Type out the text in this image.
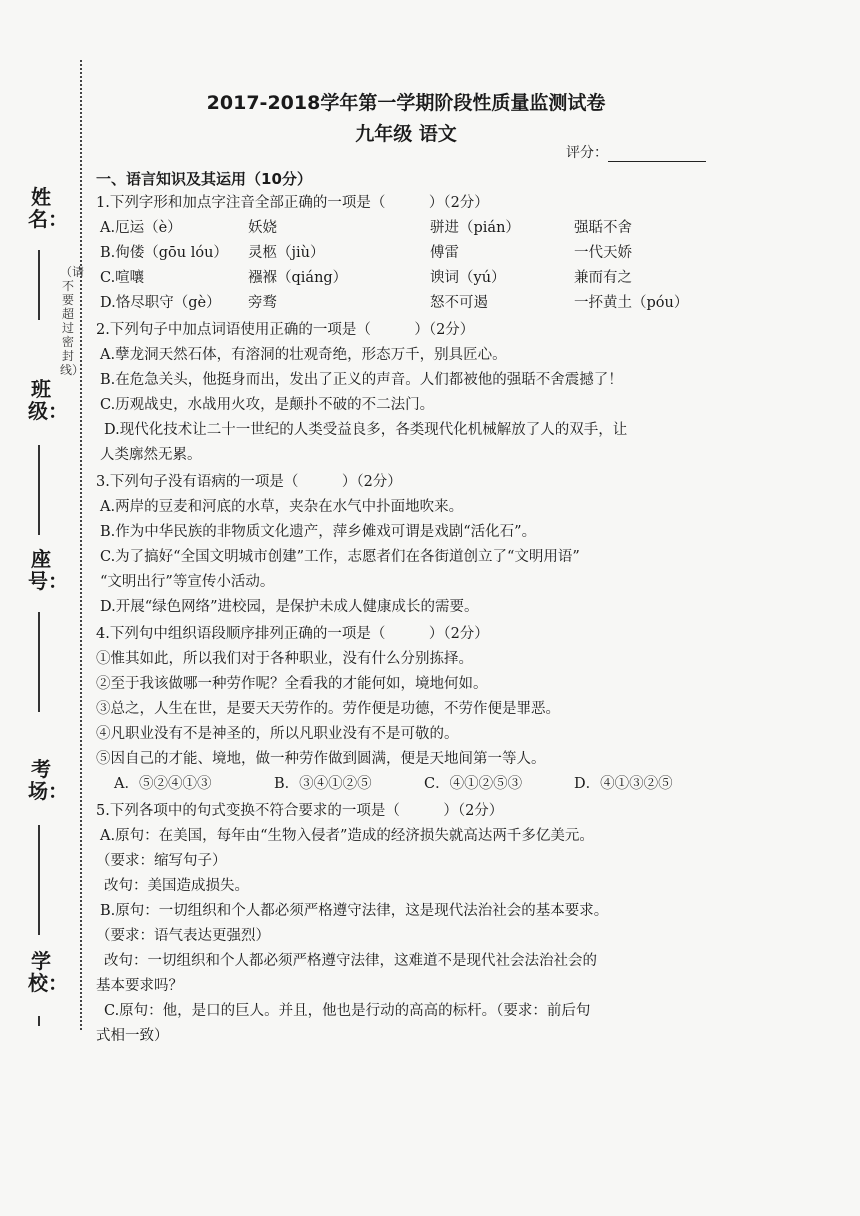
姓名：
班级：
座号：
考场：
学校：
（请不要超过密封线）
2017-2018学年第一学期阶段性质量监测试卷
九年级 语文
评分：
一、语言知识及其运用（10分）
1.下列字形和加点字注音全部正确的一项是（　　　）（2分）
A.厄运（è）	妖娆	骈进（pián）	强聒不舍
B.佝偻（gōu lóu）	灵柩（jiù）	傅雷	一代天娇
C.喧嚷	襁褓（qiáng）	谀词（yú）	兼而有之
D.恪尽职守（gè）	旁骛	怒不可遏	一抔黄土（póu）
2.下列句子中加点词语使用正确的一项是（　　　）（2分）
A.孽龙洞天然石体，有溶洞的壮观奇绝，形态万千，别具匠心。
B.在危急关头，他挺身而出，发出了正义的声音。人们都被他的强聒不舍震撼了！
C.历观战史，水战用火攻，是颠扑不破的不二法门。
D.现代化技术让二十一世纪的人类受益良多，各类现代化机械解放了人的双手，让
人类廓然无累。
3.下列句子没有语病的一项是（　　　）（2分）
A.两岸的豆麦和河底的水草，夹杂在水气中扑面地吹来。
B.作为中华民族的非物质文化遗产，萍乡傩戏可谓是戏剧“活化石”。
C.为了搞好“全国文明城市创建”工作，志愿者们在各街道创立了“文明用语”
“文明出行”等宣传小活动。
D.开展“绿色网络”进校园，是保护未成人健康成长的需要。
4.下列句中组织语段顺序排列正确的一项是（　　　）（2分）
①惟其如此，所以我们对于各种职业，没有什么分别拣择。
②至于我该做哪一种劳作呢？全看我的才能何如，境地何如。
③总之，人生在世，是要天天劳作的。劳作便是功德，不劳作便是罪恶。
④凡职业没有不是神圣的，所以凡职业没有不是可敬的。
⑤因自己的才能、境地，做一种劳作做到圆满，便是天地间第一等人。
A．⑤②④①③	B．③④①②⑤	C．④①②⑤③	D．④①③②⑤
5.下列各项中的句式变换不符合要求的一项是（　　　）（2分）
A.原句：在美国，每年由“生物入侵者”造成的经济损失就高达两千多亿美元。
（要求：缩写句子）
改句：美国造成损失。
B.原句：一切组织和个人都必须严格遵守法律，这是现代法治社会的基本要求。
（要求：语气表达更强烈）
改句：一切组织和个人都必须严格遵守法律，这难道不是现代社会法治社会的
基本要求吗？
C.原句：他，是口的巨人。并且，他也是行动的高高的标杆。（要求：前后句
式相一致）
